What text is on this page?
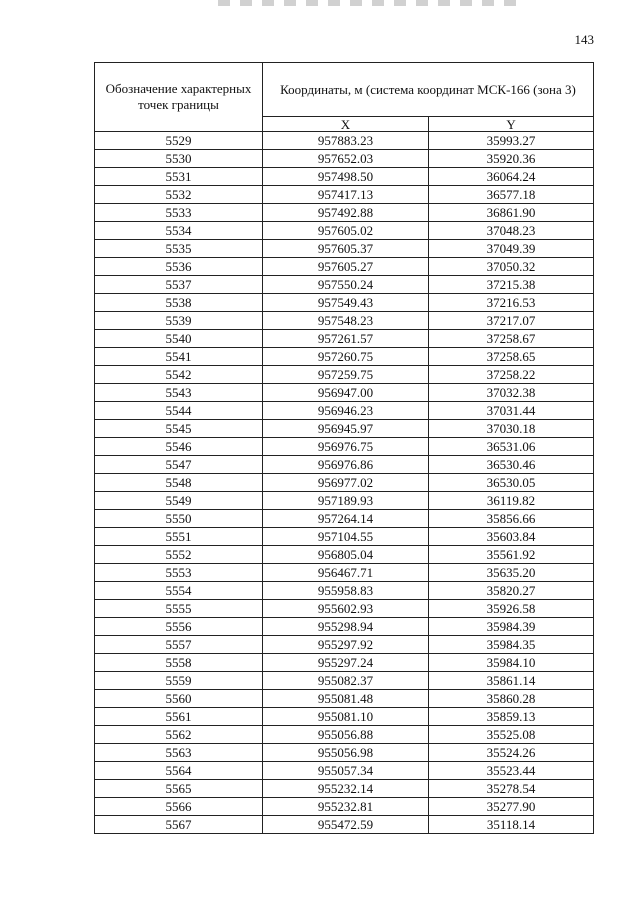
143
Обозначение характерных точек границы	Координаты, м (система координат МСК-166 (зона 3)	
	X	Y
5529	957883.23	35993.27
5530	957652.03	35920.36
5531	957498.50	36064.24
5532	957417.13	36577.18
5533	957492.88	36861.90
5534	957605.02	37048.23
5535	957605.37	37049.39
5536	957605.27	37050.32
5537	957550.24	37215.38
5538	957549.43	37216.53
5539	957548.23	37217.07
5540	957261.57	37258.67
5541	957260.75	37258.65
5542	957259.75	37258.22
5543	956947.00	37032.38
5544	956946.23	37031.44
5545	956945.97	37030.18
5546	956976.75	36531.06
5547	956976.86	36530.46
5548	956977.02	36530.05
5549	957189.93	36119.82
5550	957264.14	35856.66
5551	957104.55	35603.84
5552	956805.04	35561.92
5553	956467.71	35635.20
5554	955958.83	35820.27
5555	955602.93	35926.58
5556	955298.94	35984.39
5557	955297.92	35984.35
5558	955297.24	35984.10
5559	955082.37	35861.14
5560	955081.48	35860.28
5561	955081.10	35859.13
5562	955056.88	35525.08
5563	955056.98	35524.26
5564	955057.34	35523.44
5565	955232.14	35278.54
5566	955232.81	35277.90
5567	955472.59	35118.14
